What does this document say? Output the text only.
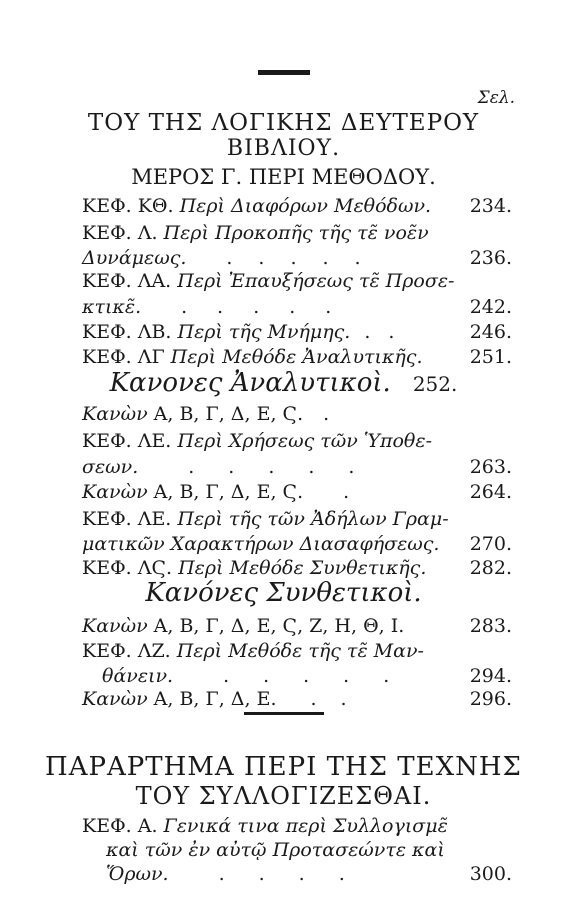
Σελ.
ΤΟΥ ΤΗΣ ΛΟΓΙΚΗΣ ΔΕΥΤΕΡΟΥ
ΒΙΒΛΙΟΥ.
ΜΕΡΟΣ Γ. ΠΕΡΙ ΜΕΘΟΔΟΥ.
ΚΕΦ. ΚΘ. Περὶ Διαφόρων Μεθόδων. 234.
ΚΕΦ. Λ. Περὶ Προκοπῆς τῆς τε̃ νοε̃ν
Δυνάμεως. .....	236.
ΚΕΦ. ΛΑ. Περὶ Ἐπαυξήσεως τε̃ Προσε-
κτικε̃. .....	242.
ΚΕΦ. ΛΒ. Περὶ τῆς Μνήμης. ..	246.
ΚΕΦ. ΛΓ Περὶ Μεθόδε Ἀναλυτικῆς. 251.
Κανονες Ἀναλυτικοὶ. 252.
Κανὼν Α, Β, Γ, Δ, Ε, Ϛ. .
ΚΕΦ. ΛΕ. Περὶ Χρήσεως τῶν Ὑποθε-
σεων.	.....	263.
Κανὼν Α, Β, Γ, Δ, Ε, Ϛ. .	264.
ΚΕΦ. ΛΕ. Περὶ τῆς τῶν Ἀδήλων Γραμ-
ματικῶν Χαρακτήρων Διασαφήσεως. 270.
ΚΕΦ. ΛϚ. Περὶ Μεθόδε Συνθετικῆς. 282.
Κανόνες Συνθετικοὶ.
Κανὼν Α, Β, Γ, Δ, Ε, Ϛ, Ζ, Η, Θ, Ι.	283.
ΚΕΦ. ΛΖ. Περὶ Μεθόδε τῆς τε̃ Μαν-
θάνειν.	..... 294.
Κανὼν Α, Β, Γ, Δ, Ε. ..	296.
ΠΑΡΑΡΤΗΜΑ ΠΕΡΙ ΤΗΣ ΤΕΧΝΗΣ
ΤΟΥ ΣΥΛΛΟΓΙΖΕΣΘΑΙ.
ΚΕΦ. Α. Γενικά τινα περὶ Συλλογισμε̃
καὶ τῶν ἐν αὐτῷ Προτασεώντε καὶ
Ὅρων.	....	300.
